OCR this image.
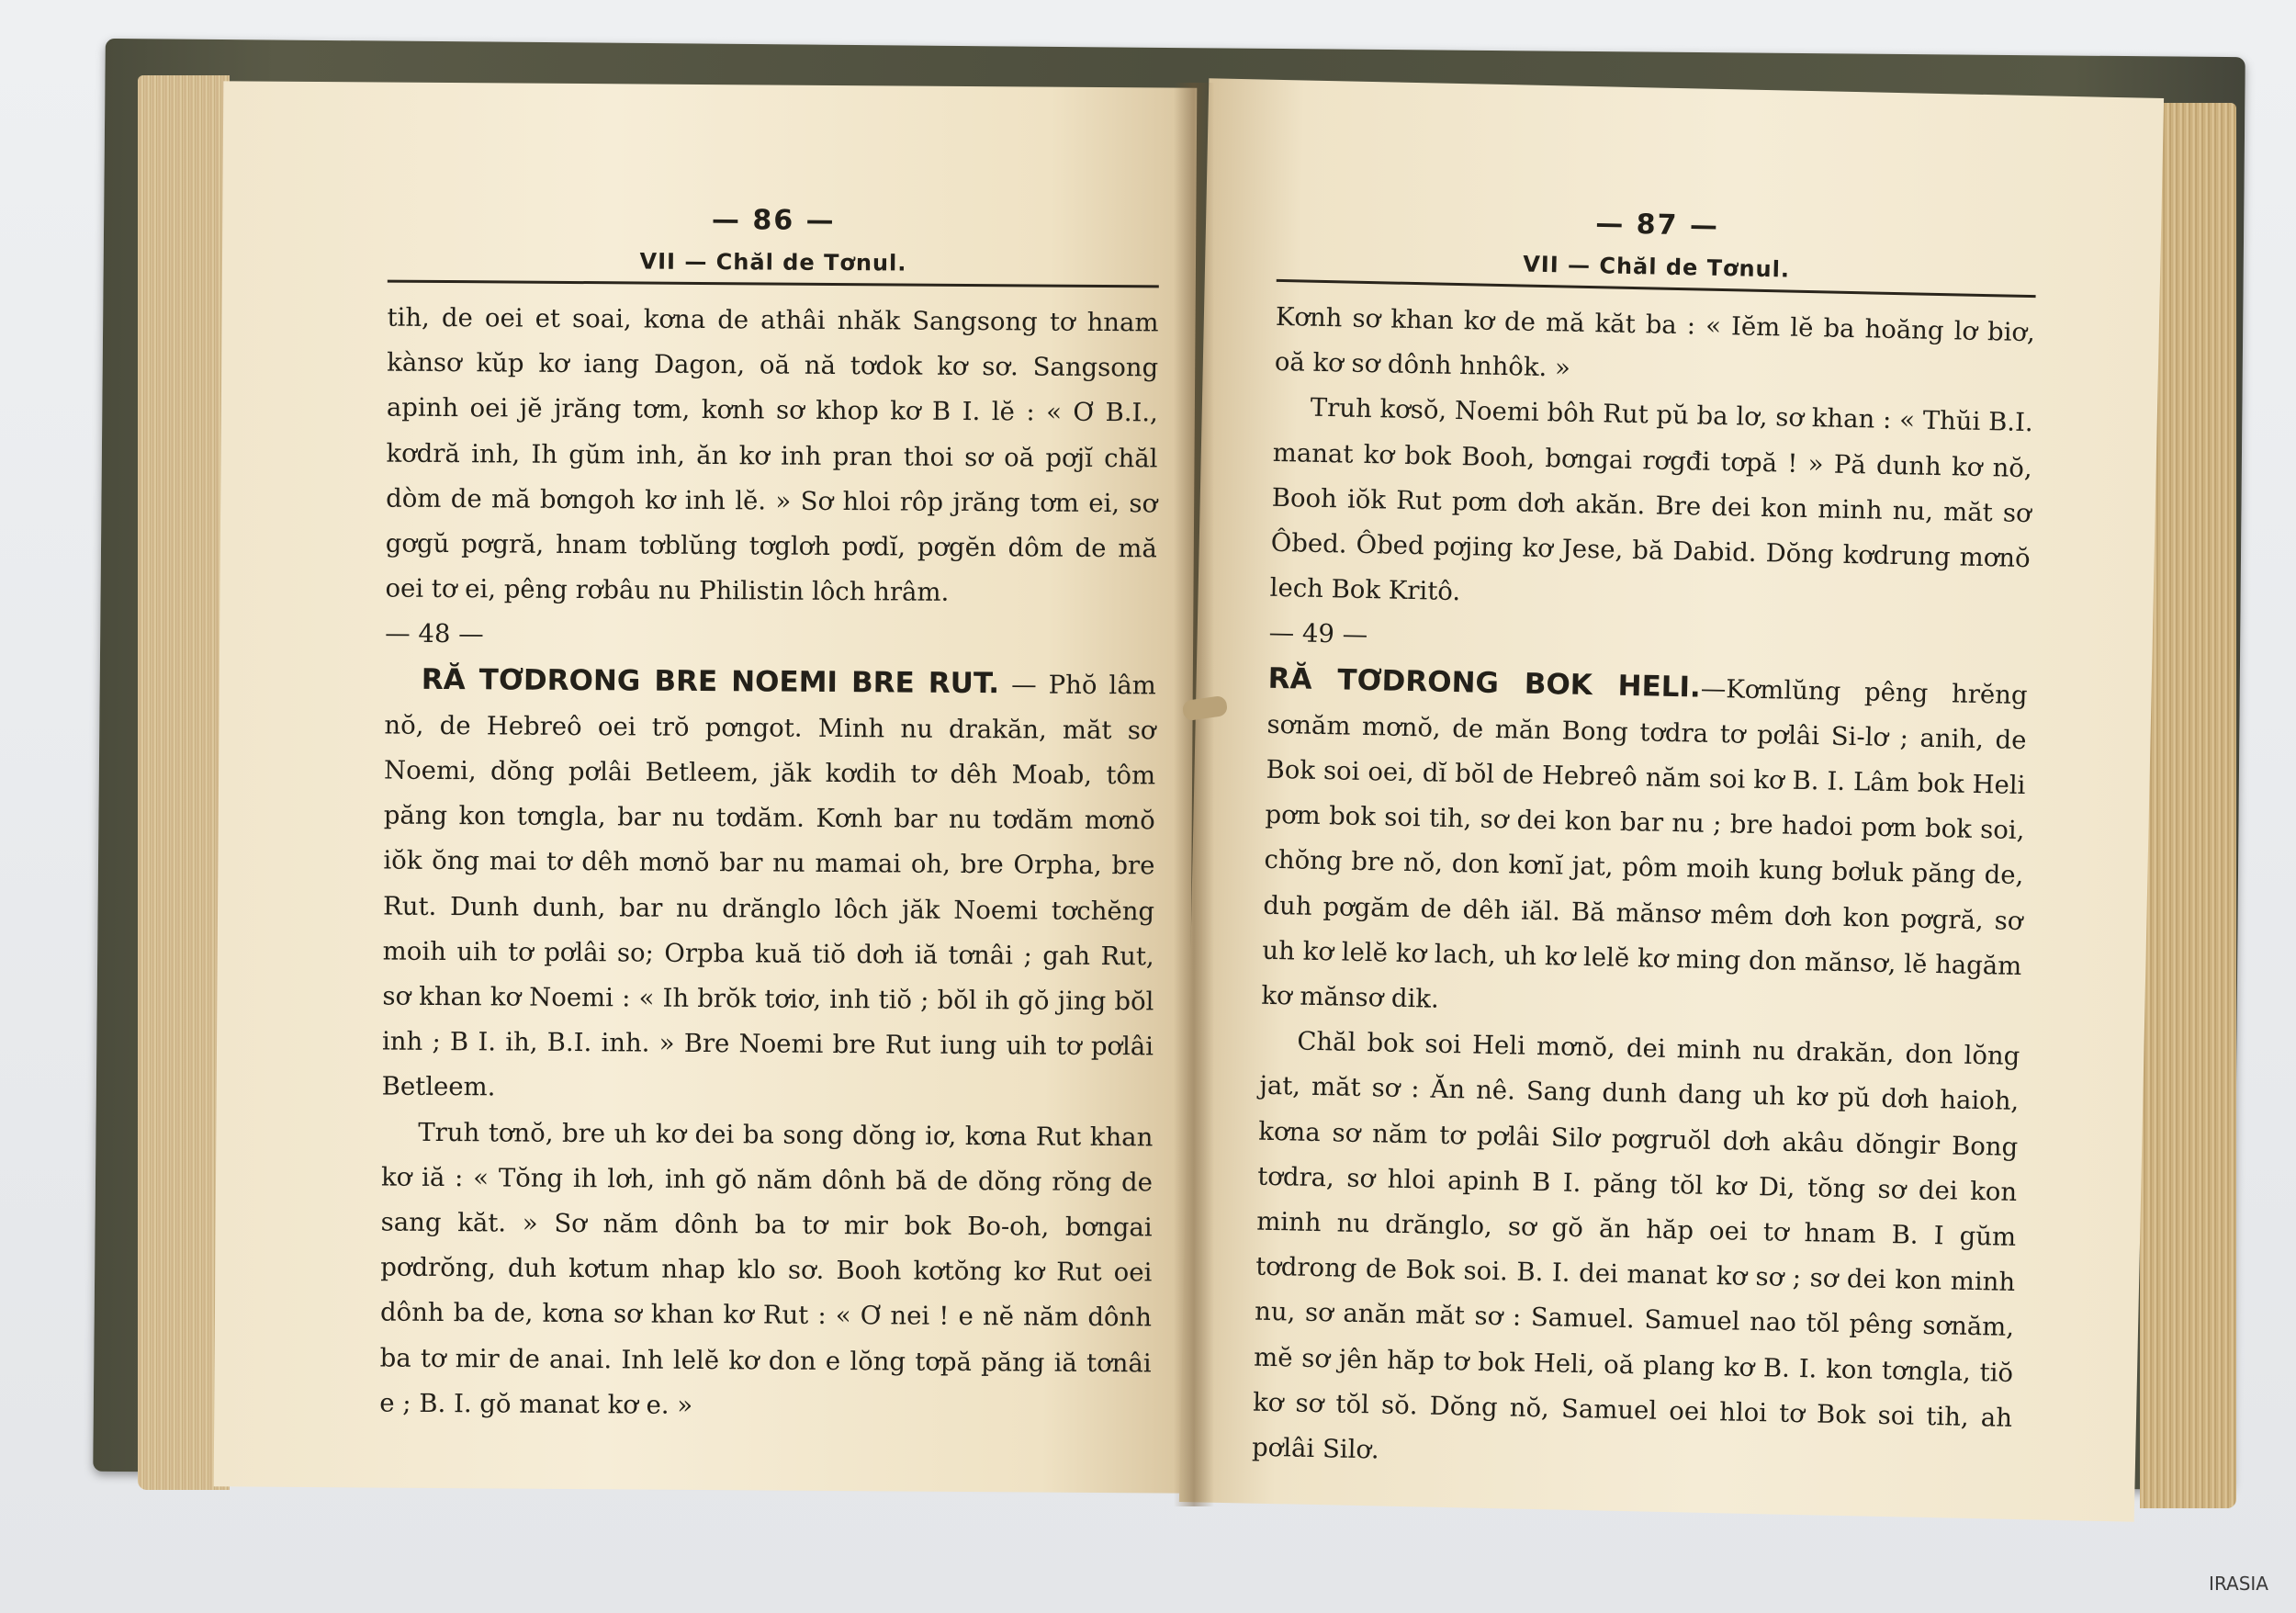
— 86 —
VII — Chăl de Tơnul.

tih, de oei et soai, kơna de athâi nhăk Sangsong tơ hnam kànsơ kŭp kơ iang Dagon, oă nă tơdok kơ sơ. Sangsong apinh oei jĕ jrăng tơm, kơnh sơ khop kơ B I. lĕ : « Ơ B.I., kơdră inh, Ih gŭm inh, ăn kơ inh pran thoi sơ oă pơjĭ chăl dòm de mă bơngoh kơ inh lĕ. » Sơ hloi rôp jrăng tơm ei, sơ gơgŭ pơgră, hnam tơblŭng tơglơh pơdĭ, pơgĕn dôm de mă oei tơ ei, pêng rơbâu nu Philistin lôch hrâm.

— 48 —

RĂ TƠDRONG BRE NOEMI BRE RUT. — Phŏ lâm nŏ, de Hebreô oei trŏ pơngot. Minh nu drakăn, măt sơ Noemi, dŏng pơlâi Betleem, jăk kơdih tơ dêh Moab, tôm păng kon tơngla, bar nu tơdăm. Kơnh bar nu tơdăm mơnŏ iŏk ŏng mai tơ dêh mơnŏ bar nu mamai oh, bre Orpha, bre Rut. Dunh dunh, bar nu drănglo lôch jăk Noemi tơchĕng moih uih tơ pơlâi so; Orpba kuă tiŏ dơh iă tơnâi ; gah Rut, sơ khan kơ Noemi : « Ih brŏk tơiơ, inh tiŏ ; bŏl ih gŏ jing bŏl inh ; B I. ih, B.I. inh. » Bre Noemi bre Rut iung uih tơ pơlâi Betleem.

Truh tơnŏ, bre uh kơ dei ba song dŏng iơ, kơna Rut khan kơ iă : « Tŏng ih lơh, inh gŏ năm dônh bă de dŏng rŏng de sang kăt. » Sơ năm dônh ba tơ mir bok Bo-oh, bơngai pơdrŏng, duh kơtum nhap klo sơ. Booh kơtŏng kơ Rut oei dônh ba de, kơna sơ khan kơ Rut : « Ơ nei ! e nĕ năm dônh ba tơ mir de anai. Inh lelĕ kơ don e lŏng tơpă păng iă tơnâi e ; B. I. gŏ manat kơ e. »

— 87 —
VII — Chăl de Tơnul.

Kơnh sơ khan kơ de mă kăt ba : « Iĕm lĕ ba hoăng lơ biơ, oă kơ sơ dônh hnhôk. »

Truh kơsŏ, Noemi bôh Rut pŭ ba lơ, sơ khan : « Thŭi B.I. manat kơ bok Booh, bơngai rơgđi tơpă ! » Pă dunh kơ nŏ, Booh iŏk Rut pơm dơh akăn. Bre dei kon minh nu, măt sơ Ôbed. Ôbed pơjing kơ Jese, bă Dabid. Dŏng kơdrung mơnŏ lech Bok Kritô.

— 49 —

RĂ TƠDRONG BOK HELI.—Kơmlŭng pêng hrĕng sơnăm mơnŏ, de măn Bong tơdra tơ pơlâi Si-lơ ; anih, de Bok soi oei, dĭ bŏl de Hebreô năm soi kơ B. I. Lâm bok Heli pơm bok soi tih, sơ dei kon bar nu ; bre hadoi pơm bok soi, chŏng bre nŏ, don kơnĭ jat, pôm moih kung bơluk păng de, duh pơgăm de dêh iăl. Bă mănsơ mêm dơh kon pơgră, sơ uh kơ lelĕ kơ lach, uh kơ lelĕ kơ ming don mănsơ, lĕ hagăm kơ mănsơ dik.

Chăl bok soi Heli mơnŏ, dei minh nu drakăn, don lŏng jat, măt sơ : Ăn nê. Sang dunh dang uh kơ pŭ dơh haioh, kơna sơ năm tơ pơlâi Silơ pơgruŏl dơh akâu dŏngir Bong tơdra, sơ hloi apinh B I. păng tŏl kơ Di, tŏng sơ dei kon minh nu drănglo, sơ gŏ ăn hăp oei tơ hnam B. I gŭm tơdrong de Bok soi. B. I. dei manat kơ sơ ; sơ dei kon minh nu, sơ anăn măt sơ : Samuel. Samuel nao tŏl pêng sơnăm, mĕ sơ jên hăp tơ bok Heli, oă plang kơ B. I. kon tơngla, tiŏ kơ sơ tŏl sŏ. Dŏng nŏ, Samuel oei hloi tơ Bok soi tih, ah pơlâi Silơ.

IRASIA
